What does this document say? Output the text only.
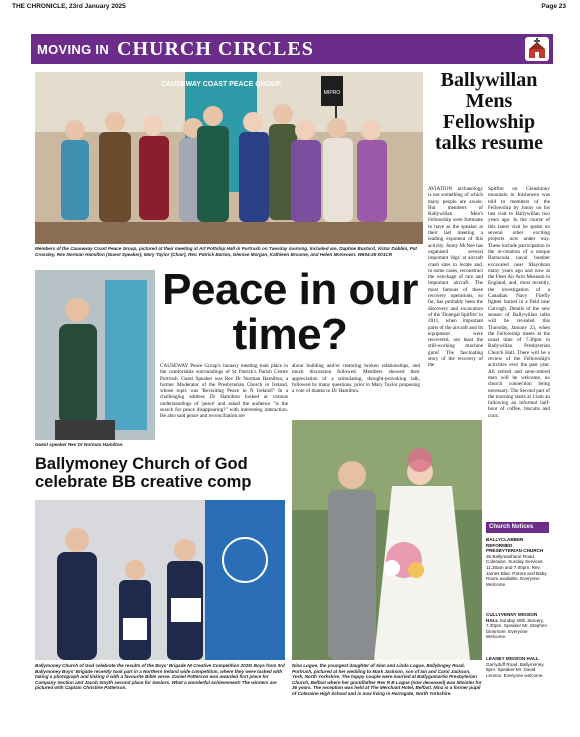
THE CHRONICLE, 23rd January 2025	Page 23
MOVING IN CHURCH CIRCLES
CAUSEWAY COAST PEACE GROUP
MIPRO
Members of the Causeway Coast Peace Group, pictured at their meeting at Art Pottship Hall in Portrush on Tuesday morning. Included are, Daphne Bustard, Victor Dobbin, Pat Crossley, Rev Norman Hamilton (Guest Speaker), Mary Taylor (Chair), Rev. Patrick Barton, Glenise Morgan, Kathleen Broome, and Helen McKeown. W604-25-001CR
Ballywillan Mens Fellowship talks resume
AVIATION archaeology is not something of which many people are aware. But members of Ballywillan Men's Fellowship were fortunate to have as the speaker at their last meeting a leading exponent of this activity. Jonny McNee has organised several important 'digs' at aircraft crash sites to locate and, in some cases, reconstruct the wreckage of rare and important aircraft. The most famous of these recovery operations, so far, has probably been the discovery and excavation of the 'Donegal Spitfire' in 2011, when important parts of the aircraft and its equipment were recovered, not least the still-working machine guns! The fascinating story of the recovery of the
Spitfire on Glenshinny mountain in Inishowen was told to members of the Fellowship by Jonny on his last visit to Ballywillan two years ago. In the course of this latest visit he spoke on several other exciting projects now under way. These include participation in the re-creation of a unique Barracuda naval bomber excavated near Mayobran many years ago and now at the Fleet Air Arm Museum in England, and, most recently, the investigation of a Canadian Navy Firefly fighter buried in a field near Garvagh. Details of the new season of Ballywillan talks will be revealed this Thursday, January 23, when the Fellowship meets at the usual time of 7.30pm in Ballywillan Presbyterian Church Hall. There will be a review of the Fellowship's activities over the past year. All retired and semi-retired men will be welcome, no church connection being necessary. The Second part of the morning starts at 11am an following an informal half-hour of coffee, biscuits and craic.
Guest speaker Rev Dr Norman Hamilton.
Peace in our time?
CAUSEWAY Peace Group's January meeting took place in the comfortable surroundings of St Patrick's Parish Centre Portrush. Guest Speaker was Rev Dr Norman Hamilton, a former Moderator of the Presbyterian Church in Ireland, whose topic was 'Revisiting Peace in N Ireland?' In a challenging address Dr Hamilton looked at various understandings of 'peace' and asked the audience "is the search for peace disappearing?" with interesting interaction. He also said peace and reconciliation are
about building and/or restoring broken relationships, and much discussion followed. Members showed their appreciation of a stimulating, thought-provoking talk, followed by many questions, prior to Mary Taylor proposing a vote of thanks to Dr Hamilton.
Ballymoney Church of God celebrate BB creative comp
Ballymoney Church of God celebrate the results of the Boys' Brigade NI Creative Competition 2025! Boys from 3rd Ballymoney Boys' Brigade recently took part in a Northern Ireland wide competition, where they were tasked with taking a photograph and linking it with a favourite Bible verse. Daniel Patterson was awarded first place for Company Section and Jacob Smyth second place for Seniors. What a wonderful achievement! The winners are pictured with Captain Christine Patterson.
Nina Logue, the youngest daughter of Alan and Linda Logue, Ballybogey Road, Portrush, pictured at her wedding to Mark Jackson, son of Ian and Carol Jackson, York, North Yorkshire. The happy couple were married at Ballygomartin Presbyterian Church, Belfast where her grandfather Rev R B Logue (now deceased) was Minister for 36 years. The reception was held at The Merchant Hotel, Belfast. Nina is a former pupil of Coleraine High School and is now living in Harrogate, North Yorkshire.
Church Notices
BALLYCLABBER REFORMED PRESBYTERIAN CHURCH 35 Ballyreashane Road, Coleraine. Sunday Services 11.30am and 7.00pm. Rev. James Blair. Parent and Baby Room available. Everyone Welcome.
CULLYVENNY MISSION HALL Sunday 26th January, 7.30pm. Speaker Mr. Stephen Dinsmore. Everyone Welcome.
LEANEY MISSION HALL Garryduff Road, Ballymoney. 8pm. Speaker Mr. David Lennox. Everyone welcome.
